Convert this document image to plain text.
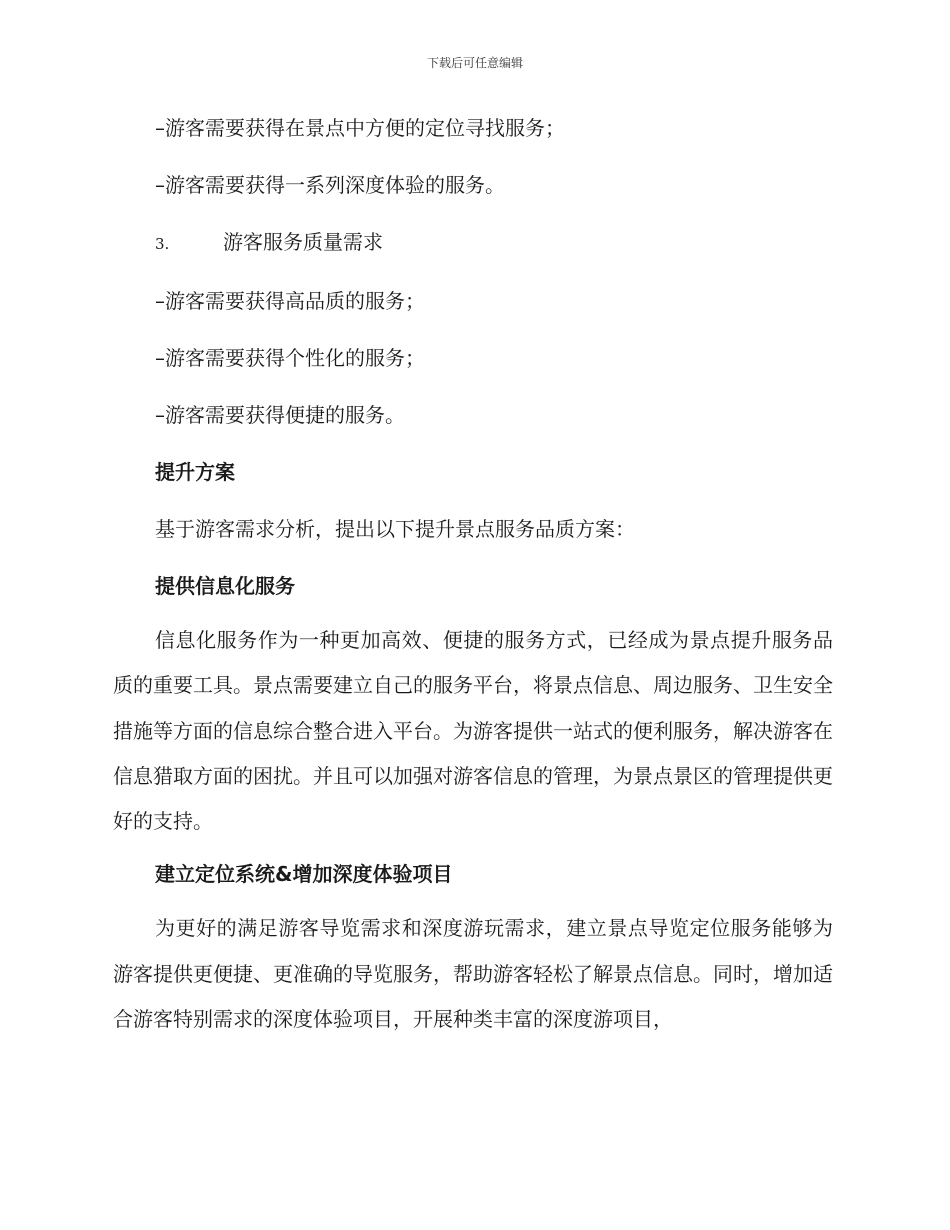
下载后可任意编辑
–游客需要获得在景点中方便的定位寻找服务；
–游客需要获得一系列深度体验的服务。
3.	游客服务质量需求
–游客需要获得高品质的服务；
–游客需要获得个性化的服务；
–游客需要获得便捷的服务。
提升方案
基于游客需求分析，提出以下提升景点服务品质方案：
提供信息化服务

信息化服务作为一种更加高效、便捷的服务方式，已经成为景点提升服务品质的重要工具。景点需要建立自己的服务平台，将景点信息、周边服务、卫生安全措施等方面的信息综合整合进入平台。为游客提供一站式的便利服务，解决游客在信息猎取方面的困扰。并且可以加强对游客信息的管理，为景点景区的管理提供更好的支持。

建立定位系统&增加深度体验项目

为更好的满足游客导览需求和深度游玩需求，建立景点导览定位服务能够为游客提供更便捷、更准确的导览服务，帮助游客轻松了解景点信息。同时，增加适合游客特别需求的深度体验项目，开展种类丰富的深度游项目，
